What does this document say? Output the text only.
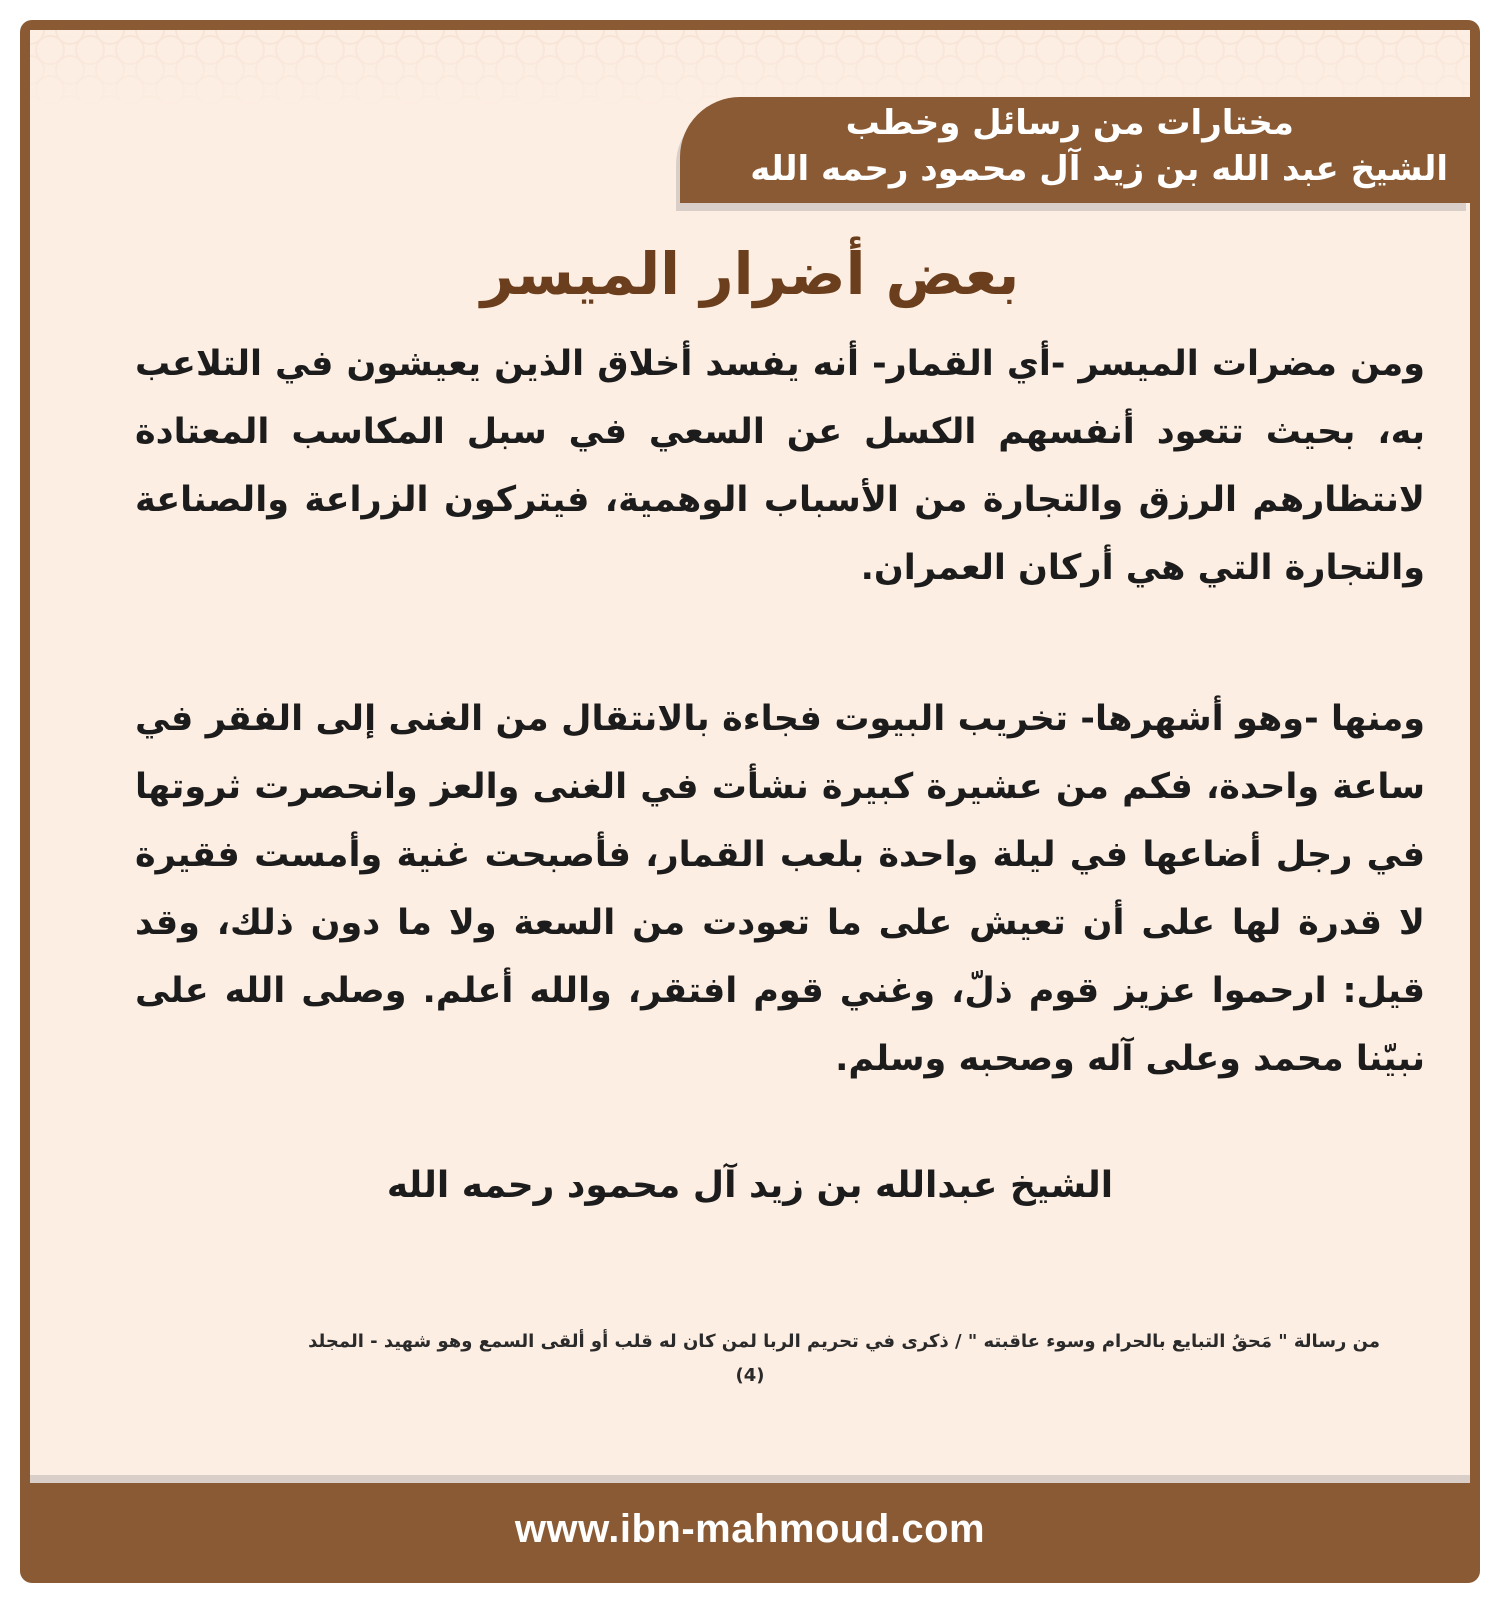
مختارات من رسائل وخطب
الشيخ عبد الله بن زيد آل محمود رحمه الله
بعض أضرار الميسر
ومن مضرات الميسر -أي القمار- أنه يفسد أخلاق الذين يعيشون في التلاعب به، بحيث تتعود أنفسهم الكسل عن السعي في سبل المكاسب المعتادة لانتظارهم الرزق والتجارة من الأسباب الوهمية، فيتركون الزراعة والصناعة والتجارة التي هي أركان العمران.
ومنها -وهو أشهرها- تخريب البيوت فجاءة بالانتقال من الغنى إلى الفقر في ساعة واحدة، فكم من عشيرة كبيرة نشأت في الغنى والعز وانحصرت ثروتها في رجل أضاعها في ليلة واحدة بلعب القمار، فأصبحت غنية وأمست فقيرة لا قدرة لها على أن تعيش على ما تعودت من السعة ولا ما دون ذلك، وقد قيل: ارحموا عزيز قوم ذلّ، وغني قوم افتقر، والله أعلم. وصلى الله على نبيّنا محمد وعلى آله وصحبه وسلم.
الشيخ عبدالله بن زيد آل محمود رحمه الله
من رسالة " مَحقُ التبايع بالحرام وسوء عاقبته " / ذكرى في تحريم الربا لمن كان له قلب أو ألقى السمع وهو شهيد - المجلد
(4)
www.ibn-mahmoud.com
